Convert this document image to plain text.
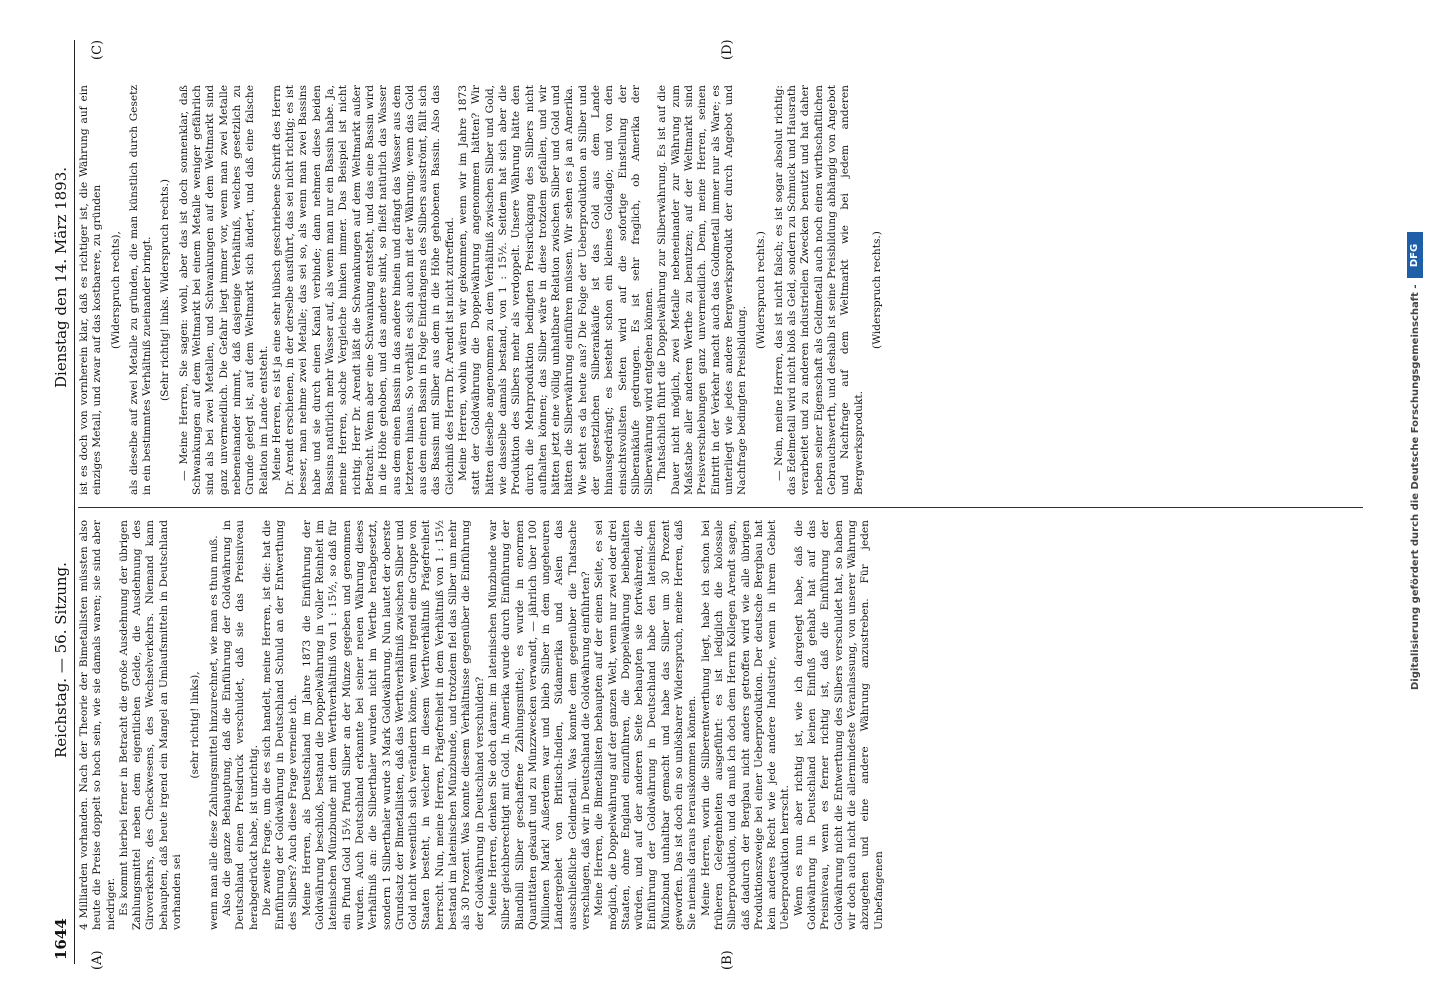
1644
Reichstag. — 56. Sitzung.
Dienstag den 14. März 1893.
(A)	(B)
(C)	(D)

4 Milliarden vorhanden. Nach der Theorie der Bimetallisten müssten also heute die Preise doppelt so hoch sein, wie sie damals waren; sie sind aber niedriger. Es kommt hierbei ferner in Betracht die große Ausdehnung der übrigen Zahlungsmittel neben dem eigentlichen Gelde, die Ausdehnung des Giroverkehrs, des Checkwesens, des Wechselverkehrs. Niemand kann behaupten, daß heute irgend ein Mangel an Umlaufsmitteln in Deutschland vorhanden sei

(sehr richtig! links), wenn man alle diese Zahlungsmittel hinzurechnet, wie man es thun muß. Also die ganze Behauptung, daß die Einführung der Goldwährung in Deutschland einen Preisdruck verschuldet, daß sie das Preisniveau herabgedrückt habe, ist unrichtig. Die zweite Frage, um die es sich handelt, meine Herren, ist die: hat die Einführung der Goldwährung in Deutschland Schuld an der Entwerthung des Silbers? Auch diese Frage verneine ich. Meine Herren, als Deutschland im Jahre 1873 die Einführung der Goldwährung beschloß, bestand die Doppelwährung in voller Reinheit im lateinischen Münzbunde mit dem Werthverhältniß von 1 : 15½, so daß für ein Pfund Gold 15½ Pfund Silber an der Münze gegeben und genommen wurden. Auch Deutschland erkannte bei seiner neuen Währung dieses Verhältniß an: die Silberthaler wurden nicht im Werthe herabgesetzt, sondern 1 Silberthaler wurde 3 Mark Goldwährung. Nun lautet der oberste Grundsatz der Bimetallisten, daß das Werthverhältniß zwischen Silber und Gold nicht wesentlich sich verändern könne, wenn irgend eine Gruppe von Staaten besteht, in welcher in diesem Werthverhältniß Prägefreiheit herrscht. Nun, meine Herren, Prägefreiheit in dem Verhältniß von 1 : 15½ bestand im lateinischen Münzbunde, und trotzdem fiel das Silber um mehr als 30 Prozent. Was konnte diesem Verhältnisse gegenüber die Einführung der Goldwährung in Deutschland verschulden? Meine Herren, denken Sie doch daran: im lateinischen Münzbunde war Silber gleichberechtigt mit Gold. In Amerika wurde durch Einführung der Blandbill Silber geschaffene Zahlungsmittel; es wurde in enormen Quantitäten gekauft und zu Münzzwecken verwandt, — jährlich über 100 Millionen Mark! Außerdem war und blieb Silber in dem ungeheuren Ländergebiet von Britisch-Indien, Südamerika und Asien das ausschließliche Geldmetall. Was konnte dem gegenüber die Thatsache verschlagen, daß wir in Deutschland die Goldwährung einführten? Meine Herren, die Bimetallisten behaupten auf der einen Seite, es sei möglich, die Doppelwährung auf der ganzen Welt, wenn nur zwei oder drei Staaten, ohne England einzuführen, die Doppelwährung beibehalten würden, und auf der anderen Seite behaupten sie fortwährend, die Einführung der Goldwährung in Deutschland habe den lateinischen Münzbund unhaltbar gemacht und habe das Silber um 30 Prozent geworfen. Das ist doch ein so unlösbarer Widerspruch, meine Herren, daß Sie niemals daraus herauskommen können. Meine Herren, worin die Silberentwerthung liegt, habe ich schon bei früheren Gelegenheiten ausgeführt: es ist lediglich die kolossale Silberproduktion, und da muß ich doch dem Herrn Kollegen Arendt sagen, daß dadurch der Bergbau nicht anders getroffen wird wie alle übrigen Produktionszweige bei einer Ueberproduktion. Der deutsche Bergbau hat kein anderes Recht wie jede andere Industrie, wenn in ihrem Gebiet Ueberproduktion herrscht. Wenn es nun aber richtig ist, wie ich dargelegt habe, daß die Goldwährung in Deutschland keinen Einfluß gehabt hat auf das Preisniveau, wenn es ferner richtig ist, daß die Einführung der Goldwährung nicht die Entwerthung des Silbers verschuldet hat, so haben wir doch auch nicht die allermindeste Veranlassung, von unserer Währung abzugehen und eine andere Währung anzustreben. Für jeden Unbefangenen

ist es doch von vornherein klar, daß es richtiger ist, die Währung auf ein einziges Metall, und zwar auf das kostbarere, zu gründen (Widerspruch rechts), als dieselbe auf zwei Metalle zu gründen, die man künstlich durch Gesetz in ein bestimmtes Verhältniß zueinander bringt. (Sehr richtig! links. Widerspruch rechts.) — Meine Herren, Sie sagen: wohl, aber das ist doch sonnenklar, daß Schwankungen auf dem Weltmarkt bei einem Metalle weniger gefährlich sind als bei zwei Metallen, und Schwankungen auf dem Weltmarkt sind ganz unvermeidlich. Die Gefahr liegt immer vor, wenn man zwei Metalle nebeneinander nimmt, daß dasjenige Verhältniß, welches gesetzlich zu Grunde gelegt ist, auf dem Weltmarkt sich ändert, und daß eine falsche Relation im Lande entsteht. Meine Herren, es ist ja eine sehr hübsch geschriebene Schrift des Herrn Dr. Arendt erschienen, in der derselbe ausführt, das sei nicht richtig; es ist besser, man nehme zwei Metalle; das sei so, als wenn man zwei Bassins habe und sie durch einen Kanal verbinde; dann nehmen diese beiden Bassins natürlich mehr Wasser auf, als wenn man nur ein Bassin habe. Ja, meine Herren, solche Vergleiche hinken immer. Das Beispiel ist nicht richtig. Herr Dr. Arendt läßt die Schwankungen auf dem Weltmarkt außer Betracht. Wenn aber eine Schwankung entsteht, und das eine Bassin wird in die Höhe gehoben, und das andere sinkt, so fließt natürlich das Wasser aus dem einen Bassin in das andere hinein und drängt das Wasser aus dem letzteren hinaus. So verhält es sich auch mit der Währung: wenn das Gold aus dem einen Bassin in Folge Eindrängens des Silbers ausströmt, fällt sich das Bassin mit Silber aus dem in die Höhe gehobenen Bassin. Also das Gleichniß des Herrn Dr. Arendt ist nicht zutreffend. Meine Herren, wohin wären wir gekommen, wenn wir im Jahre 1873 statt der Goldwährung die Doppelwährung angenommen hätten? Wir hätten dieselbe angenommen zu dem Verhältniß zwischen Silber und Gold, wie dasselbe damals bestand, von 1 : 15½. Seitdem hat sich aber die Produktion des Silbers mehr als verdoppelt. Unsere Währung hätte den durch die Mehrproduktion bedingten Preisrückgang des Silbers nicht aufhalten können; das Silber wäre in diese trotzdem gefallen, und wir hätten jetzt eine völlig unhaltbare Relation zwischen Silber und Gold und hätten die Silberwährung einführen müssen. Wir sehen es ja an Amerika. Wie steht es da heute aus? Die Folge der Ueberproduktion an Silber und der gesetzlichen Silberankäufe ist das Gold aus dem Lande hinausgedrängt; es besteht schon ein kleines Goldagio; und von den einsichtsvollsten Seiten wird auf die sofortige Einstellung der Silberankäufe gedrungen. Es ist sehr fraglich, ob Amerika der Silberwährung wird entgehen können. Thatsächlich führt die Doppelwährung zur Silberwährung. Es ist auf die Dauer nicht möglich, zwei Metalle nebeneinander zur Währung zum Maßstabe aller anderen Werthe zu benutzen; auf der Weltmarkt sind Preisverschiebungen ganz unvermeidlich. Denn, meine Herren, seinen Eintritt in der Verkehr macht auch das Goldmetall immer nur als Ware; es unterliegt wie jedes andere Bergwerksprodukt der durch Angebot und Nachfrage bedingten Preisbildung.

(Widerspruch rechts.) — Nein, meine Herren, das ist nicht falsch; es ist sogar absolut richtig: das Edelmetall wird nicht bloß als Geld, sondern zu Schmuck und Hausrath verarbeitet und zu anderen industriellen Zwecken benutzt und hat daher neben seiner Eigenschaft als Geldmetall auch noch einen wirthschaftlichen Gebrauchswerth, und deshalb ist seine Preisbildung abhängig von Angebot und Nachfrage auf dem Weltmarkt wie bei jedem anderen Bergwerksprodukt.

(Widerspruch rechts.)	Digitalisierung gefördert durch die Deutsche Forschungsgemeinschaft -
DFG
